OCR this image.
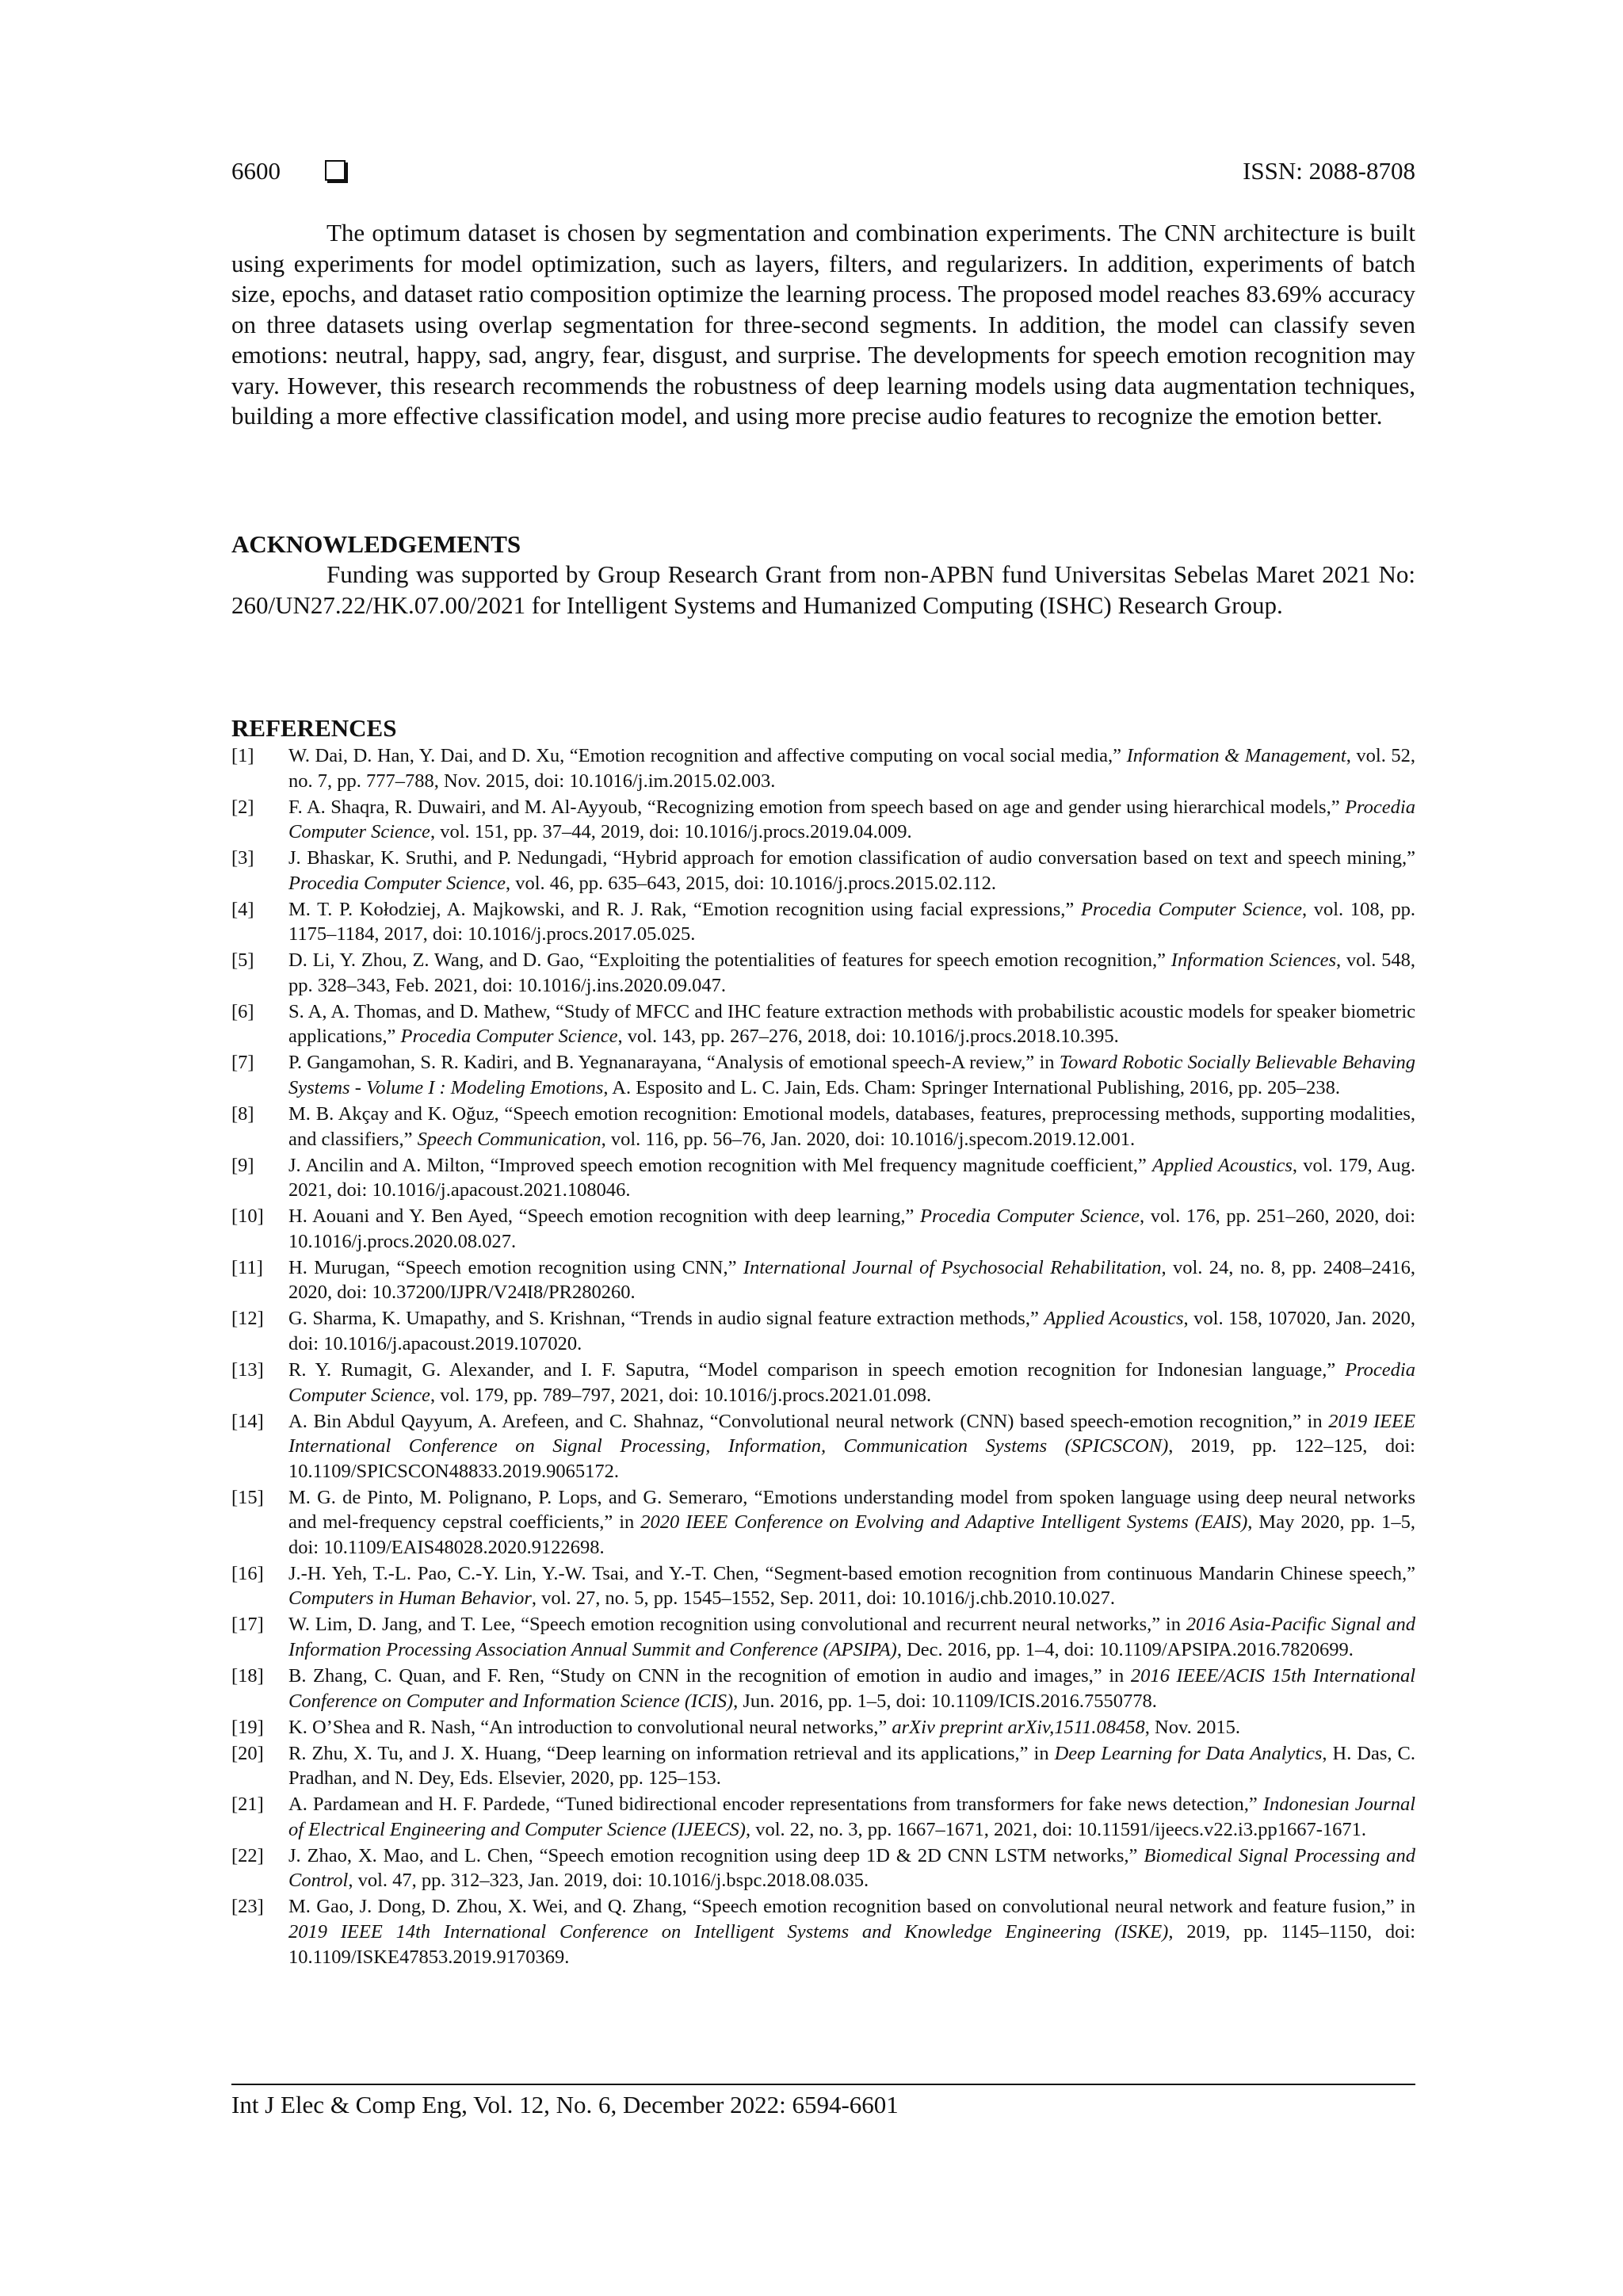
6600	ISSN: 2088-8708
The optimum dataset is chosen by segmentation and combination experiments. The CNN architecture is built using experiments for model optimization, such as layers, filters, and regularizers. In addition, experiments of batch size, epochs, and dataset ratio composition optimize the learning process. The proposed model reaches 83.69% accuracy on three datasets using overlap segmentation for three-second segments. In addition, the model can classify seven emotions: neutral, happy, sad, angry, fear, disgust, and surprise. The developments for speech emotion recognition may vary. However, this research recommends the robustness of deep learning models using data augmentation techniques, building a more effective classification model, and using more precise audio features to recognize the emotion better.
ACKNOWLEDGEMENTS
Funding was supported by Group Research Grant from non-APBN fund Universitas Sebelas Maret 2021 No: 260/UN27.22/HK.07.00/2021 for Intelligent Systems and Humanized Computing (ISHC) Research Group.
REFERENCES
[1] W. Dai, D. Han, Y. Dai, and D. Xu, “Emotion recognition and affective computing on vocal social media,” Information & Management, vol. 52, no. 7, pp. 777–788, Nov. 2015, doi: 10.1016/j.im.2015.02.003.
[2] F. A. Shaqra, R. Duwairi, and M. Al-Ayyoub, “Recognizing emotion from speech based on age and gender using hierarchical models,” Procedia Computer Science, vol. 151, pp. 37–44, 2019, doi: 10.1016/j.procs.2019.04.009.
[3] J. Bhaskar, K. Sruthi, and P. Nedungadi, “Hybrid approach for emotion classification of audio conversation based on text and speech mining,” Procedia Computer Science, vol. 46, pp. 635–643, 2015, doi: 10.1016/j.procs.2015.02.112.
[4] M. T. P. Kołodziej, A. Majkowski, and R. J. Rak, “Emotion recognition using facial expressions,” Procedia Computer Science, vol. 108, pp. 1175–1184, 2017, doi: 10.1016/j.procs.2017.05.025.
[5] D. Li, Y. Zhou, Z. Wang, and D. Gao, “Exploiting the potentialities of features for speech emotion recognition,” Information Sciences, vol. 548, pp. 328–343, Feb. 2021, doi: 10.1016/j.ins.2020.09.047.
[6] S. A, A. Thomas, and D. Mathew, “Study of MFCC and IHC feature extraction methods with probabilistic acoustic models for speaker biometric applications,” Procedia Computer Science, vol. 143, pp. 267–276, 2018, doi: 10.1016/j.procs.2018.10.395.
[7] P. Gangamohan, S. R. Kadiri, and B. Yegnanarayana, “Analysis of emotional speech-A review,” in Toward Robotic Socially Believable Behaving Systems - Volume I : Modeling Emotions, A. Esposito and L. C. Jain, Eds. Cham: Springer International Publishing, 2016, pp. 205–238.
[8] M. B. Akçay and K. Oğuz, “Speech emotion recognition: Emotional models, databases, features, preprocessing methods, supporting modalities, and classifiers,” Speech Communication, vol. 116, pp. 56–76, Jan. 2020, doi: 10.1016/j.specom.2019.12.001.
[9] J. Ancilin and A. Milton, “Improved speech emotion recognition with Mel frequency magnitude coefficient,” Applied Acoustics, vol. 179, Aug. 2021, doi: 10.1016/j.apacoust.2021.108046.
[10] H. Aouani and Y. Ben Ayed, “Speech emotion recognition with deep learning,” Procedia Computer Science, vol. 176, pp. 251–260, 2020, doi: 10.1016/j.procs.2020.08.027.
[11] H. Murugan, “Speech emotion recognition using CNN,” International Journal of Psychosocial Rehabilitation, vol. 24, no. 8, pp. 2408–2416, 2020, doi: 10.37200/IJPR/V24I8/PR280260.
[12] G. Sharma, K. Umapathy, and S. Krishnan, “Trends in audio signal feature extraction methods,” Applied Acoustics, vol. 158, 107020, Jan. 2020, doi: 10.1016/j.apacoust.2019.107020.
[13] R. Y. Rumagit, G. Alexander, and I. F. Saputra, “Model comparison in speech emotion recognition for Indonesian language,” Procedia Computer Science, vol. 179, pp. 789–797, 2021, doi: 10.1016/j.procs.2021.01.098.
[14] A. Bin Abdul Qayyum, A. Arefeen, and C. Shahnaz, “Convolutional neural network (CNN) based speech-emotion recognition,” in 2019 IEEE International Conference on Signal Processing, Information, Communication Systems (SPICSCON), 2019, pp. 122–125, doi: 10.1109/SPICSCON48833.2019.9065172.
[15] M. G. de Pinto, M. Polignano, P. Lops, and G. Semeraro, “Emotions understanding model from spoken language using deep neural networks and mel-frequency cepstral coefficients,” in 2020 IEEE Conference on Evolving and Adaptive Intelligent Systems (EAIS), May 2020, pp. 1–5, doi: 10.1109/EAIS48028.2020.9122698.
[16] J.-H. Yeh, T.-L. Pao, C.-Y. Lin, Y.-W. Tsai, and Y.-T. Chen, “Segment-based emotion recognition from continuous Mandarin Chinese speech,” Computers in Human Behavior, vol. 27, no. 5, pp. 1545–1552, Sep. 2011, doi: 10.1016/j.chb.2010.10.027.
[17] W. Lim, D. Jang, and T. Lee, “Speech emotion recognition using convolutional and recurrent neural networks,” in 2016 Asia-Pacific Signal and Information Processing Association Annual Summit and Conference (APSIPA), Dec. 2016, pp. 1–4, doi: 10.1109/APSIPA.2016.7820699.
[18] B. Zhang, C. Quan, and F. Ren, “Study on CNN in the recognition of emotion in audio and images,” in 2016 IEEE/ACIS 15th International Conference on Computer and Information Science (ICIS), Jun. 2016, pp. 1–5, doi: 10.1109/ICIS.2016.7550778.
[19] K. O’Shea and R. Nash, “An introduction to convolutional neural networks,” arXiv preprint arXiv,1511.08458, Nov. 2015.
[20] R. Zhu, X. Tu, and J. X. Huang, “Deep learning on information retrieval and its applications,” in Deep Learning for Data Analytics, H. Das, C. Pradhan, and N. Dey, Eds. Elsevier, 2020, pp. 125–153.
[21] A. Pardamean and H. F. Pardede, “Tuned bidirectional encoder representations from transformers for fake news detection,” Indonesian Journal of Electrical Engineering and Computer Science (IJEECS), vol. 22, no. 3, pp. 1667–1671, 2021, doi: 10.11591/ijeecs.v22.i3.pp1667-1671.
[22] J. Zhao, X. Mao, and L. Chen, “Speech emotion recognition using deep 1D & 2D CNN LSTM networks,” Biomedical Signal Processing and Control, vol. 47, pp. 312–323, Jan. 2019, doi: 10.1016/j.bspc.2018.08.035.
[23] M. Gao, J. Dong, D. Zhou, X. Wei, and Q. Zhang, “Speech emotion recognition based on convolutional neural network and feature fusion,” in 2019 IEEE 14th International Conference on Intelligent Systems and Knowledge Engineering (ISKE), 2019, pp. 1145–1150, doi: 10.1109/ISKE47853.2019.9170369.
Int J Elec & Comp Eng, Vol. 12, No. 6, December 2022: 6594-6601
